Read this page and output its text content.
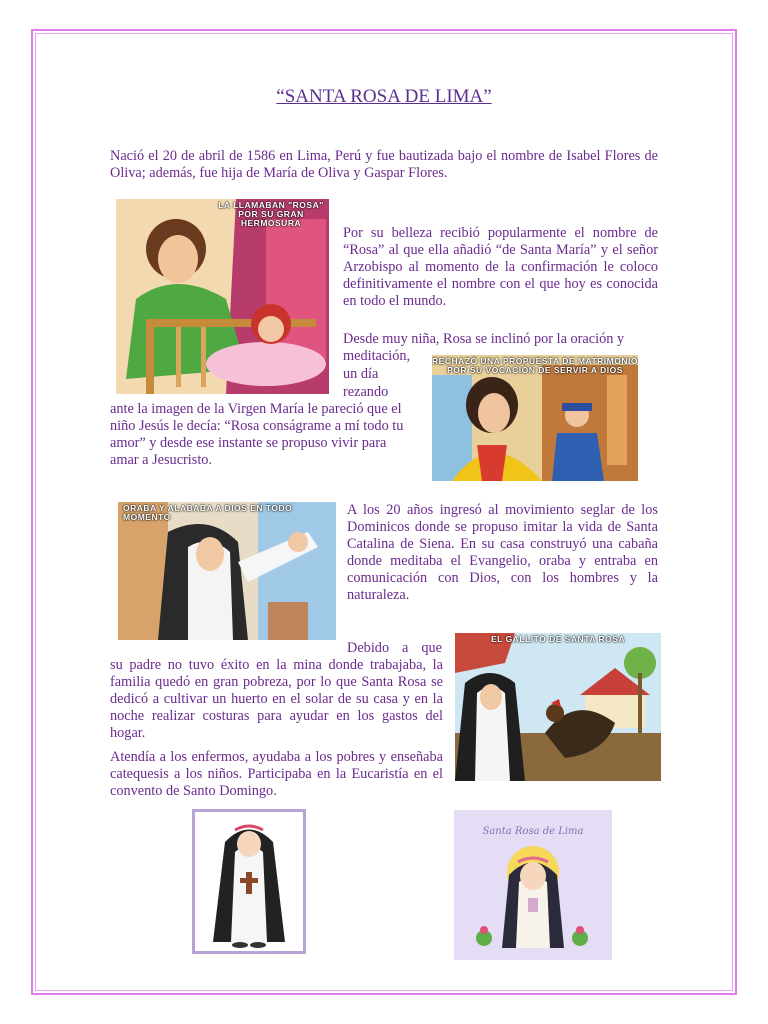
“SANTA ROSA DE LIMA”

Nació el 20 de abril de 1586 en Lima, Perú y fue bautizada bajo el nombre de Isabel Flores de Oliva; además, fue hija de María de Oliva y Gaspar Flores.

LA LLAMABAN "ROSA" POR SU GRAN HERMOSURA

Por su belleza recibió popularmente el nombre de “Rosa” al que ella añadió “de Santa María” y el señor Arzobispo al momento de la confirmación le coloco definitivamente el nombre con el que hoy es conocida en todo el mundo.

Desde muy niña, Rosa se inclinó por la oración y
meditación,
un día
rezando

ante la imagen de la Virgen María le pareció que el niño Jesús le decía: “Rosa conságrame a mí todo tu amor” y desde ese instante se propuso vivir para amar a Jesucristo.

RECHAZÓ UNA PROPUESTA DE MATRIMONIO POR SU VOCACIÓN DE SERVIR A DIOS
ORABA Y ALABABA A DIOS EN TODO MOMENTO	A los 20 años ingresó al movimiento seglar de los Dominicos donde se propuso imitar la vida de Santa Catalina de Siena. En su casa construyó una cabaña donde meditaba el Evangelio, oraba y entraba en comunicación con Dios, con los hombres y la naturaleza.

Debido a que

su padre no tuvo éxito en la mina donde trabajaba, la familia quedó en gran pobreza, por lo que Santa Rosa se dedicó a cultivar un huerto en el solar de su casa y en la noche realizar costuras para ayudar en los gastos del hogar.

EL GALLITO DE SANTA ROSA

Atendía a los enfermos, ayudaba a los pobres y enseñaba catequesis a los niños. Participaba en la Eucaristía en el convento de Santo Domingo.

Santa Rosa de Lima
